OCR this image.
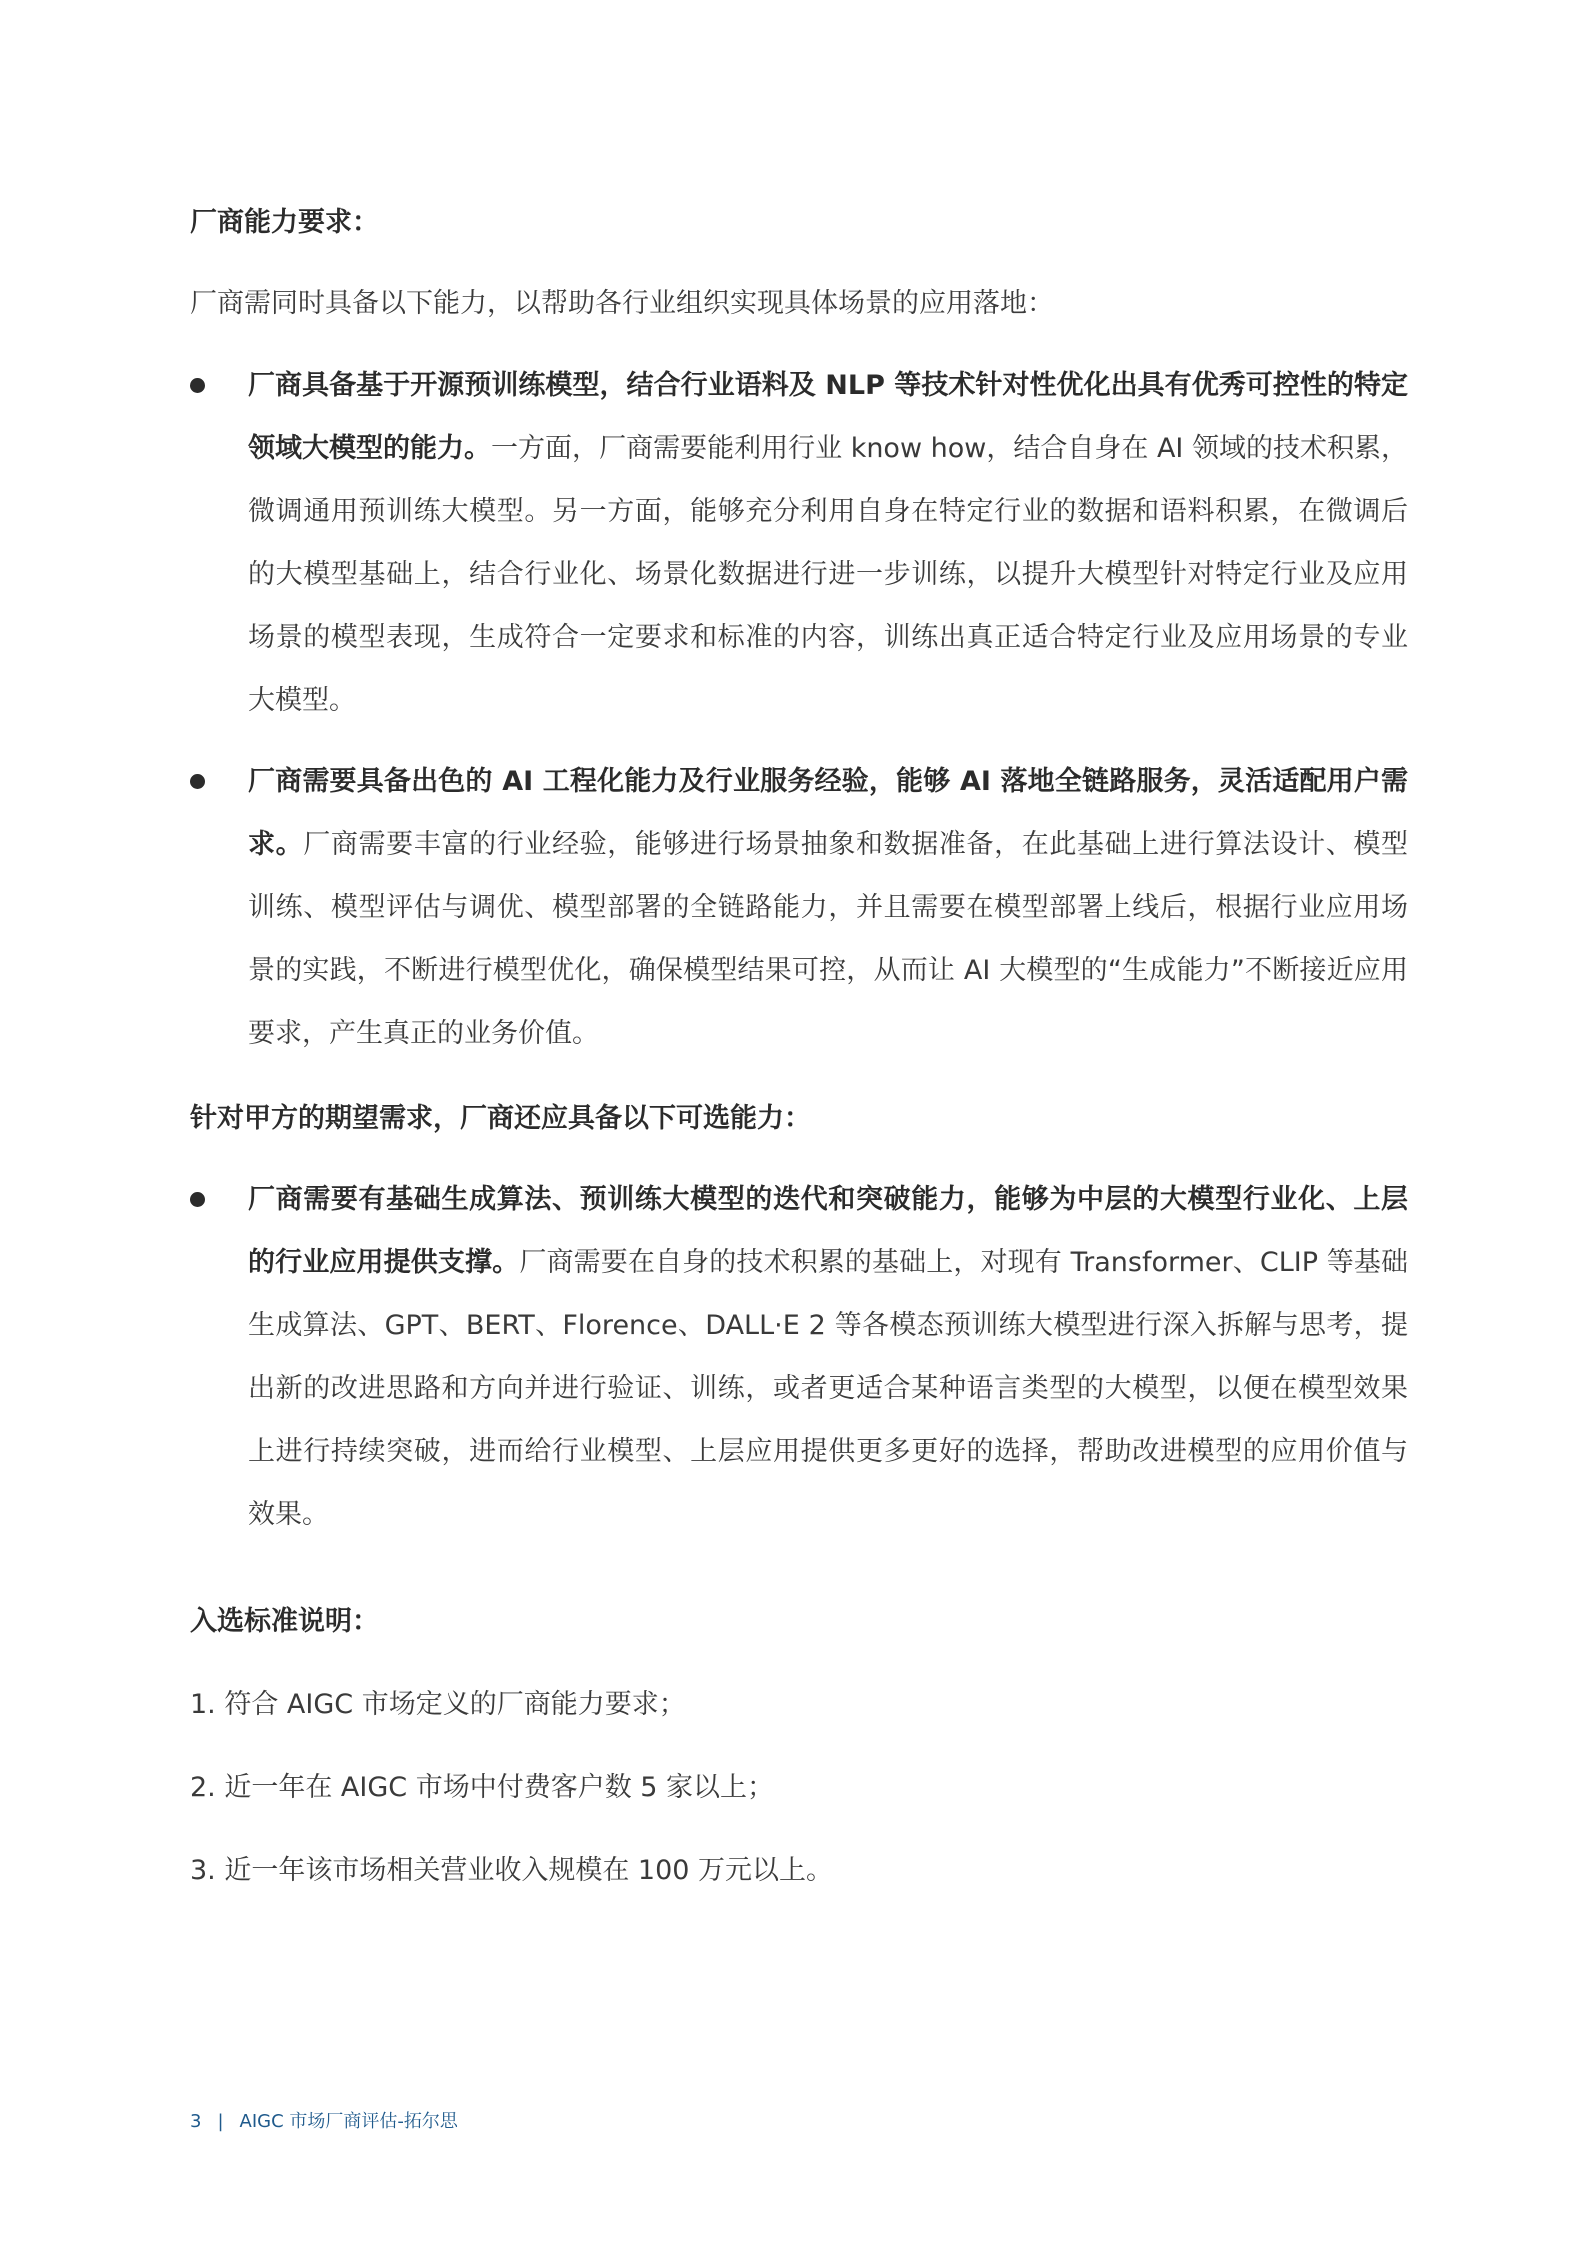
厂商能力要求：
厂商需同时具备以下能力，以帮助各行业组织实现具体场景的应用落地：
厂商具备基于开源预训练模型，结合行业语料及 NLP 等技术针对性优化出具有优秀可控性的特定领域大模型的能力。一方面，厂商需要能利用行业 know how，结合自身在 AI 领域的技术积累，微调通用预训练大模型。另一方面，能够充分利用自身在特定行业的数据和语料积累，在微调后的大模型基础上，结合行业化、场景化数据进行进一步训练，以提升大模型针对特定行业及应用场景的模型表现，生成符合一定要求和标准的内容，训练出真正适合特定行业及应用场景的专业大模型。
厂商需要具备出色的 AI 工程化能力及行业服务经验，能够 AI 落地全链路服务，灵活适配用户需求。厂商需要丰富的行业经验，能够进行场景抽象和数据准备，在此基础上进行算法设计、模型训练、模型评估与调优、模型部署的全链路能力，并且需要在模型部署上线后，根据行业应用场景的实践，不断进行模型优化，确保模型结果可控，从而让 AI 大模型的“生成能力”不断接近应用要求，产生真正的业务价值。
针对甲方的期望需求，厂商还应具备以下可选能力：
厂商需要有基础生成算法、预训练大模型的迭代和突破能力，能够为中层的大模型行业化、上层的行业应用提供支撑。厂商需要在自身的技术积累的基础上，对现有 Transformer、CLIP 等基础生成算法、GPT、BERT、Florence、DALL·E 2 等各模态预训练大模型进行深入拆解与思考，提出新的改进思路和方向并进行验证、训练，或者更适合某种语言类型的大模型，以便在模型效果上进行持续突破，进而给行业模型、上层应用提供更多更好的选择，帮助改进模型的应用价值与效果。
入选标准说明：
1. 符合 AIGC 市场定义的厂商能力要求；
2. 近一年在 AIGC 市场中付费客户数 5 家以上；
3. 近一年该市场相关营业收入规模在 100 万元以上。
3 | AIGC 市场厂商评估-拓尔思
